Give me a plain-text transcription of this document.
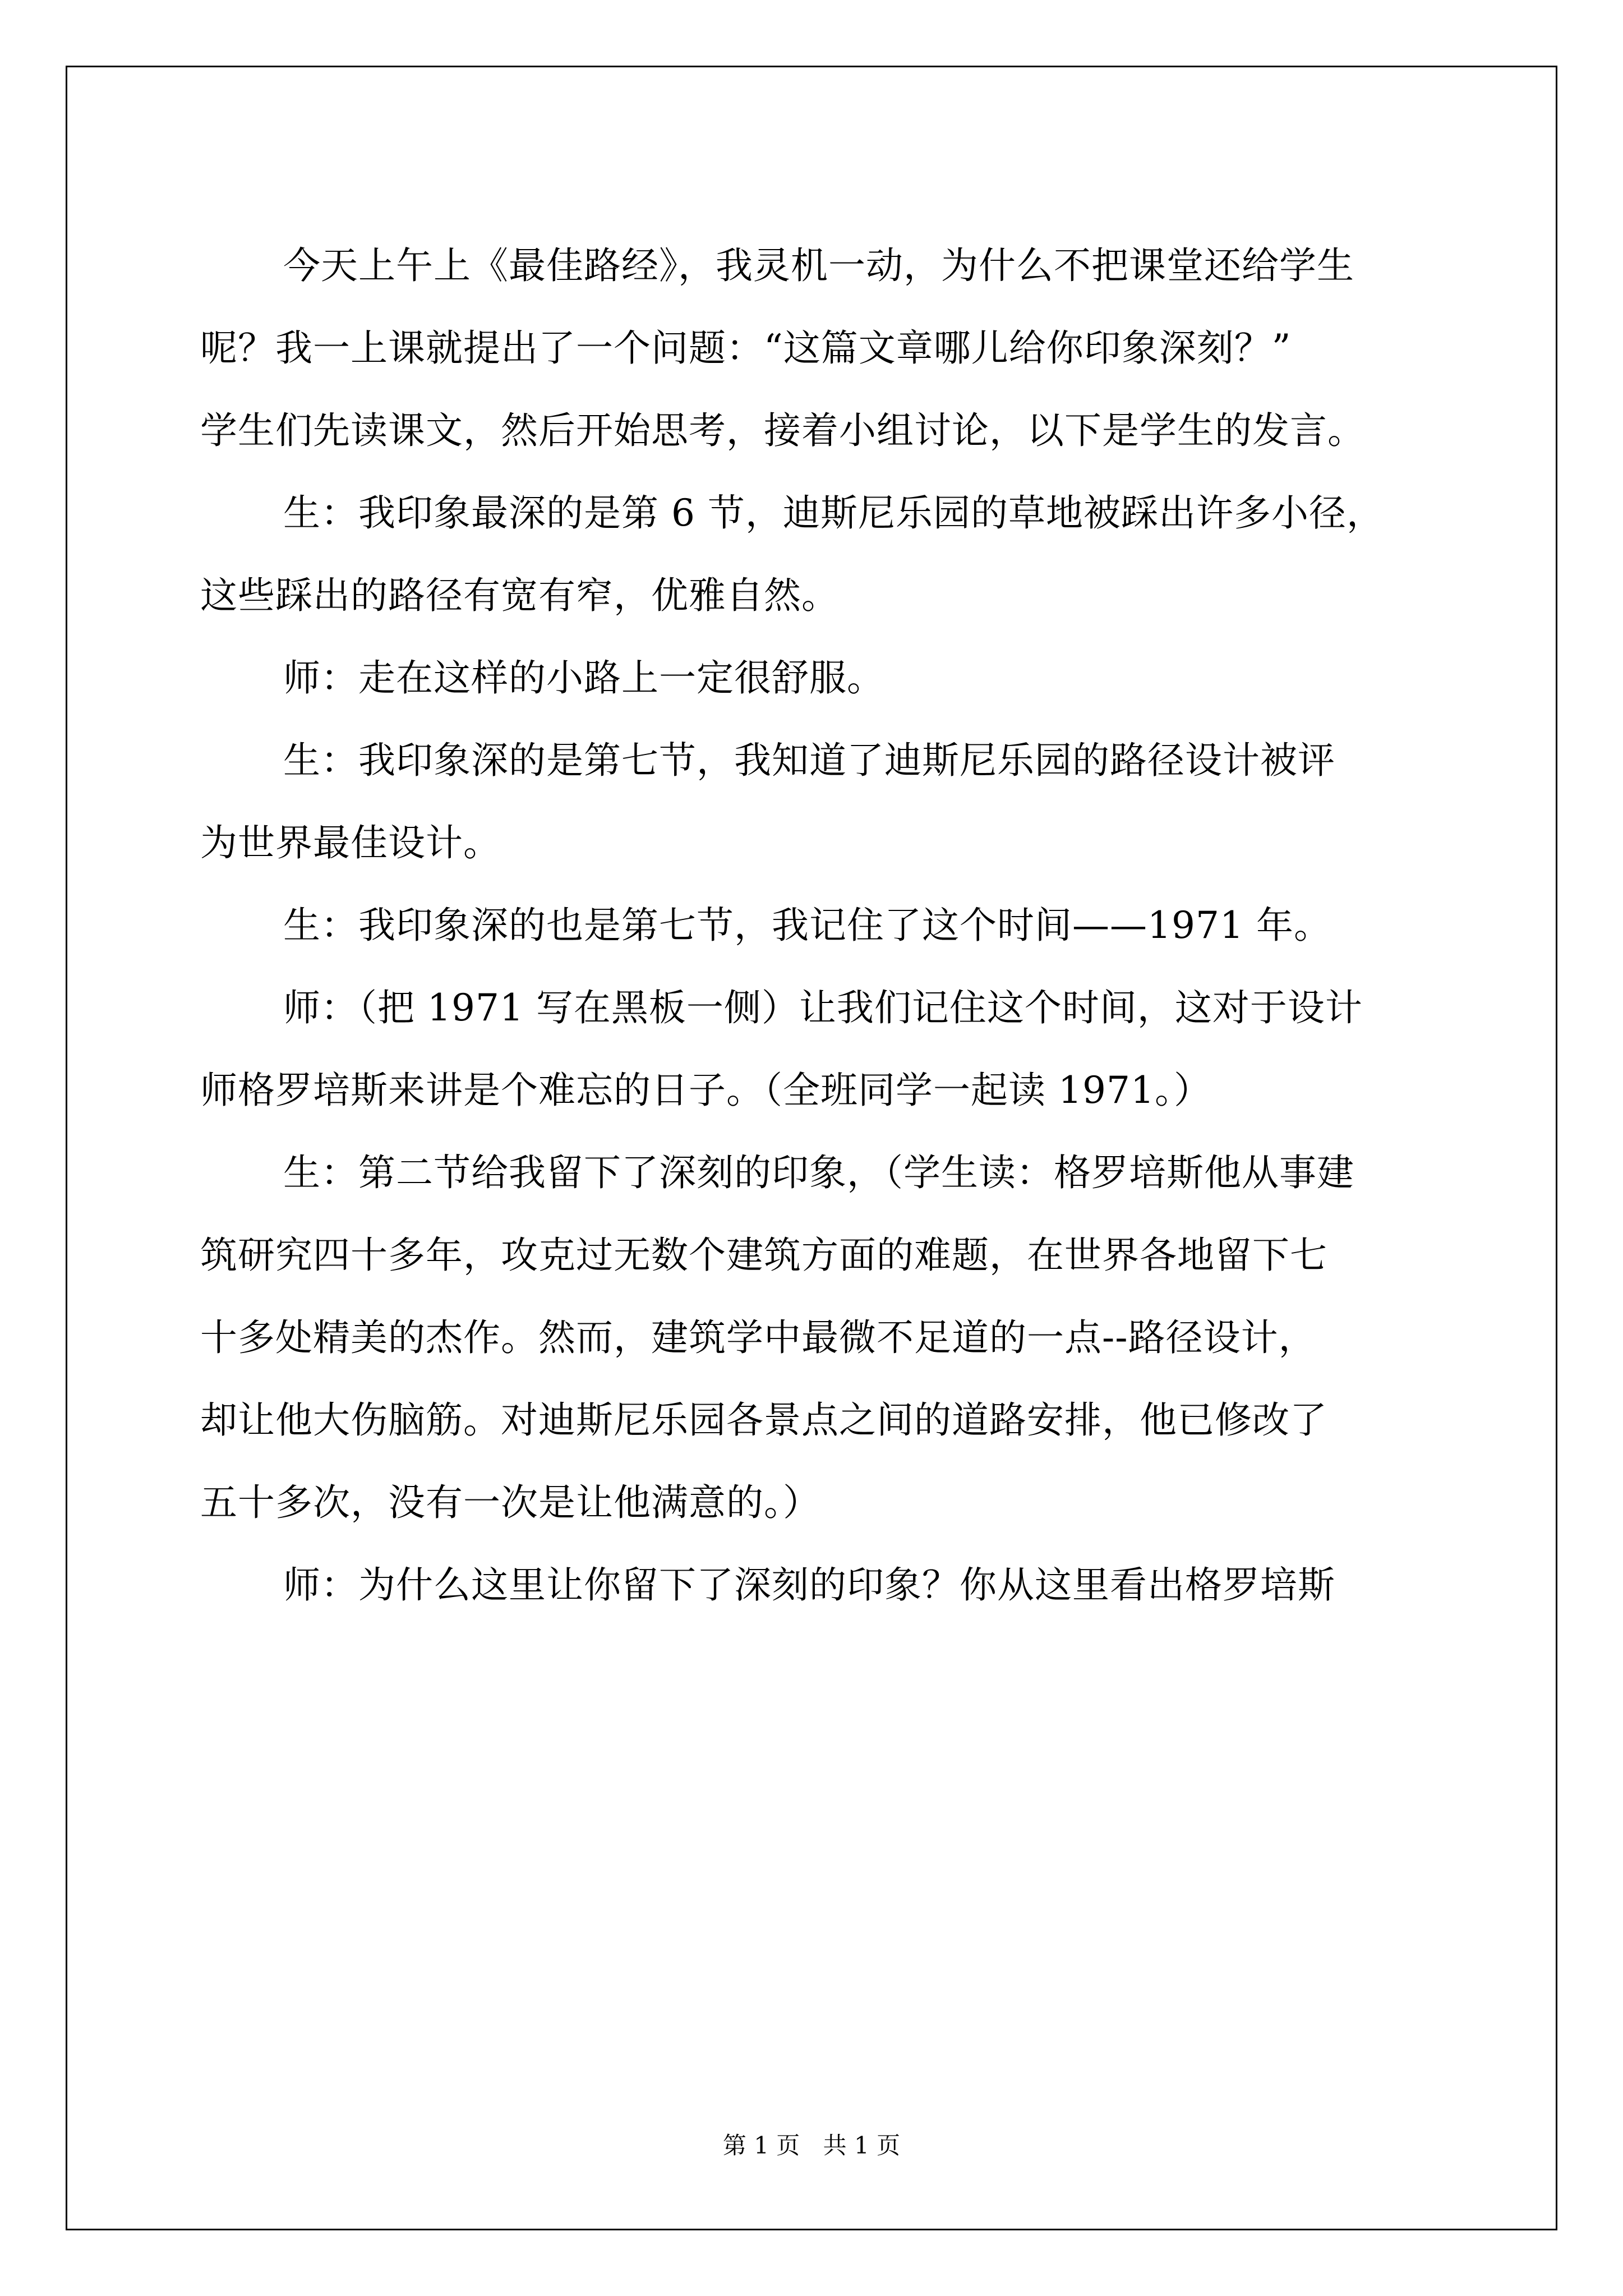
今天上午上《最佳路经》，我灵机一动，为什么不把课堂还给学生
呢？我一上课就提出了一个问题：“这篇文章哪儿给你印象深刻？”
学生们先读课文，然后开始思考，接着小组讨论，以下是学生的发言。
生：我印象最深的是第 6 节，迪斯尼乐园的草地被踩出许多小径，
这些踩出的路径有宽有窄，优雅自然。
师：走在这样的小路上一定很舒服。
生：我印象深的是第七节，我知道了迪斯尼乐园的路径设计被评
为世界最佳设计。
生：我印象深的也是第七节，我记住了这个时间——1971 年。
师：（把 1971 写在黑板一侧）让我们记住这个时间，这对于设计
师格罗培斯来讲是个难忘的日子。（全班同学一起读 1971。）
生：第二节给我留下了深刻的印象，（学生读：格罗培斯他从事建
筑研究四十多年，攻克过无数个建筑方面的难题，在世界各地留下七
十多处精美的杰作。然而，建筑学中最微不足道的一点--路径设计，
却让他大伤脑筋。对迪斯尼乐园各景点之间的道路安排，他已修改了
五十多次，没有一次是让他满意的。）
师：为什么这里让你留下了深刻的印象？你从这里看出格罗培斯
第 1 页 共 1 页
